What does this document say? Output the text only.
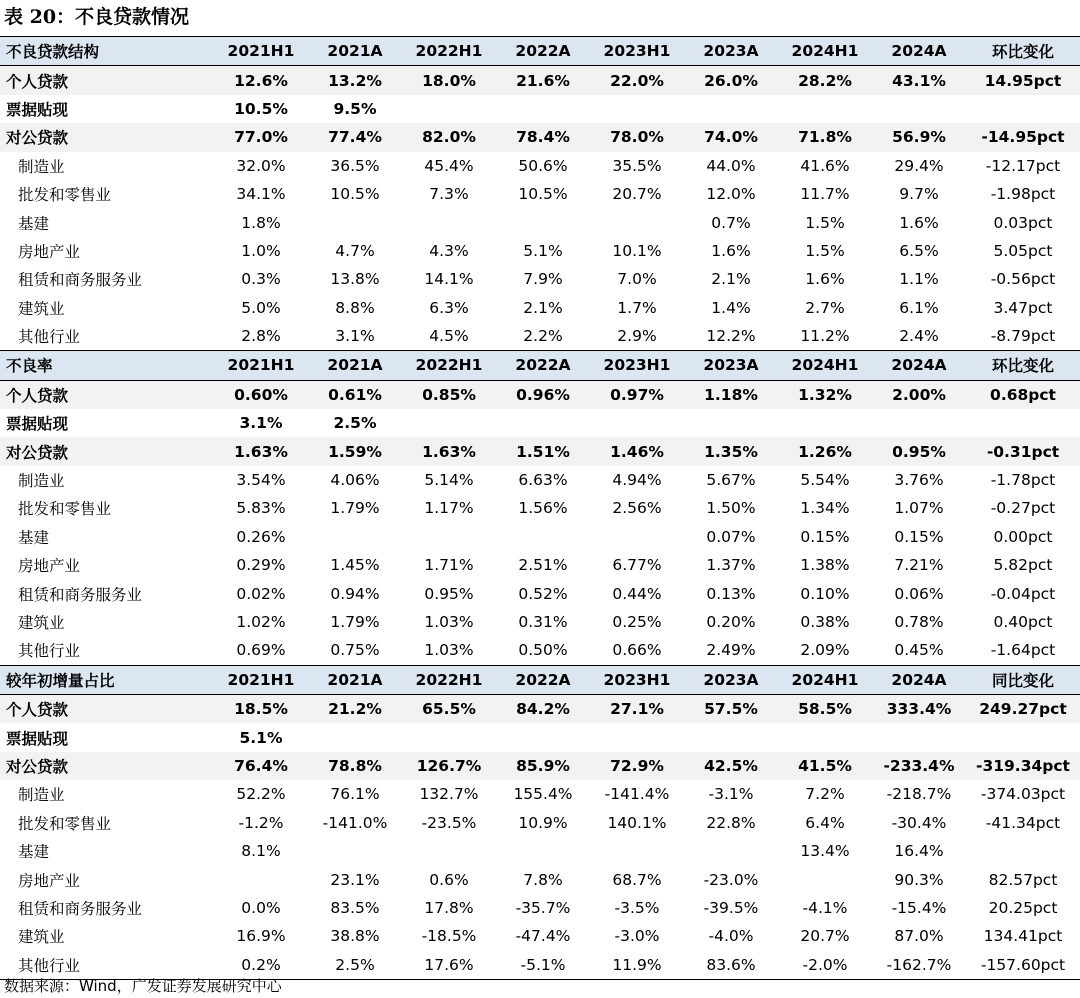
表 20：不良贷款情况
不良贷款结构	2021H1	2021A	2022H1	2022A	2023H1	2023A	2024H1	2024A	环比变化
个人贷款	12.6%	13.2%	18.0%	21.6%	22.0%	26.0%	28.2%	43.1%	14.95pct
票据贴现	10.5%	9.5%							
对公贷款	77.0%	77.4%	82.0%	78.4%	78.0%	74.0%	71.8%	56.9%	-14.95pct
制造业	32.0%	36.5%	45.4%	50.6%	35.5%	44.0%	41.6%	29.4%	-12.17pct
批发和零售业	34.1%	10.5%	7.3%	10.5%	20.7%	12.0%	11.7%	9.7%	-1.98pct
基建	1.8%					0.7%	1.5%	1.6%	0.03pct
房地产业	1.0%	4.7%	4.3%	5.1%	10.1%	1.6%	1.5%	6.5%	5.05pct
租赁和商务服务业	0.3%	13.8%	14.1%	7.9%	7.0%	2.1%	1.6%	1.1%	-0.56pct
建筑业	5.0%	8.8%	6.3%	2.1%	1.7%	1.4%	2.7%	6.1%	3.47pct
其他行业	2.8%	3.1%	4.5%	2.2%	2.9%	12.2%	11.2%	2.4%	-8.79pct
不良率	2021H1	2021A	2022H1	2022A	2023H1	2023A	2024H1	2024A	环比变化
个人贷款	0.60%	0.61%	0.85%	0.96%	0.97%	1.18%	1.32%	2.00%	0.68pct
票据贴现	3.1%	2.5%							
对公贷款	1.63%	1.59%	1.63%	1.51%	1.46%	1.35%	1.26%	0.95%	-0.31pct
制造业	3.54%	4.06%	5.14%	6.63%	4.94%	5.67%	5.54%	3.76%	-1.78pct
批发和零售业	5.83%	1.79%	1.17%	1.56%	2.56%	1.50%	1.34%	1.07%	-0.27pct
基建	0.26%					0.07%	0.15%	0.15%	0.00pct
房地产业	0.29%	1.45%	1.71%	2.51%	6.77%	1.37%	1.38%	7.21%	5.82pct
租赁和商务服务业	0.02%	0.94%	0.95%	0.52%	0.44%	0.13%	0.10%	0.06%	-0.04pct
建筑业	1.02%	1.79%	1.03%	0.31%	0.25%	0.20%	0.38%	0.78%	0.40pct
其他行业	0.69%	0.75%	1.03%	0.50%	0.66%	2.49%	2.09%	0.45%	-1.64pct
较年初增量占比	2021H1	2021A	2022H1	2022A	2023H1	2023A	2024H1	2024A	同比变化
个人贷款	18.5%	21.2%	65.5%	84.2%	27.1%	57.5%	58.5%	333.4%	249.27pct
票据贴现	5.1%								
对公贷款	76.4%	78.8%	126.7%	85.9%	72.9%	42.5%	41.5%	-233.4%	-319.34pct
制造业	52.2%	76.1%	132.7%	155.4%	-141.4%	-3.1%	7.2%	-218.7%	-374.03pct
批发和零售业	-1.2%	-141.0%	-23.5%	10.9%	140.1%	22.8%	6.4%	-30.4%	-41.34pct
基建	8.1%						13.4%	16.4%	
房地产业		23.1%	0.6%	7.8%	68.7%	-23.0%		90.3%	82.57pct
租赁和商务服务业	0.0%	83.5%	17.8%	-35.7%	-3.5%	-39.5%	-4.1%	-15.4%	20.25pct
建筑业	16.9%	38.8%	-18.5%	-47.4%	-3.0%	-4.0%	20.7%	87.0%	134.41pct
其他行业	0.2%	2.5%	17.6%	-5.1%	11.9%	83.6%	-2.0%	-162.7%	-157.60pct
数据来源：Wind，广发证券发展研究中心
